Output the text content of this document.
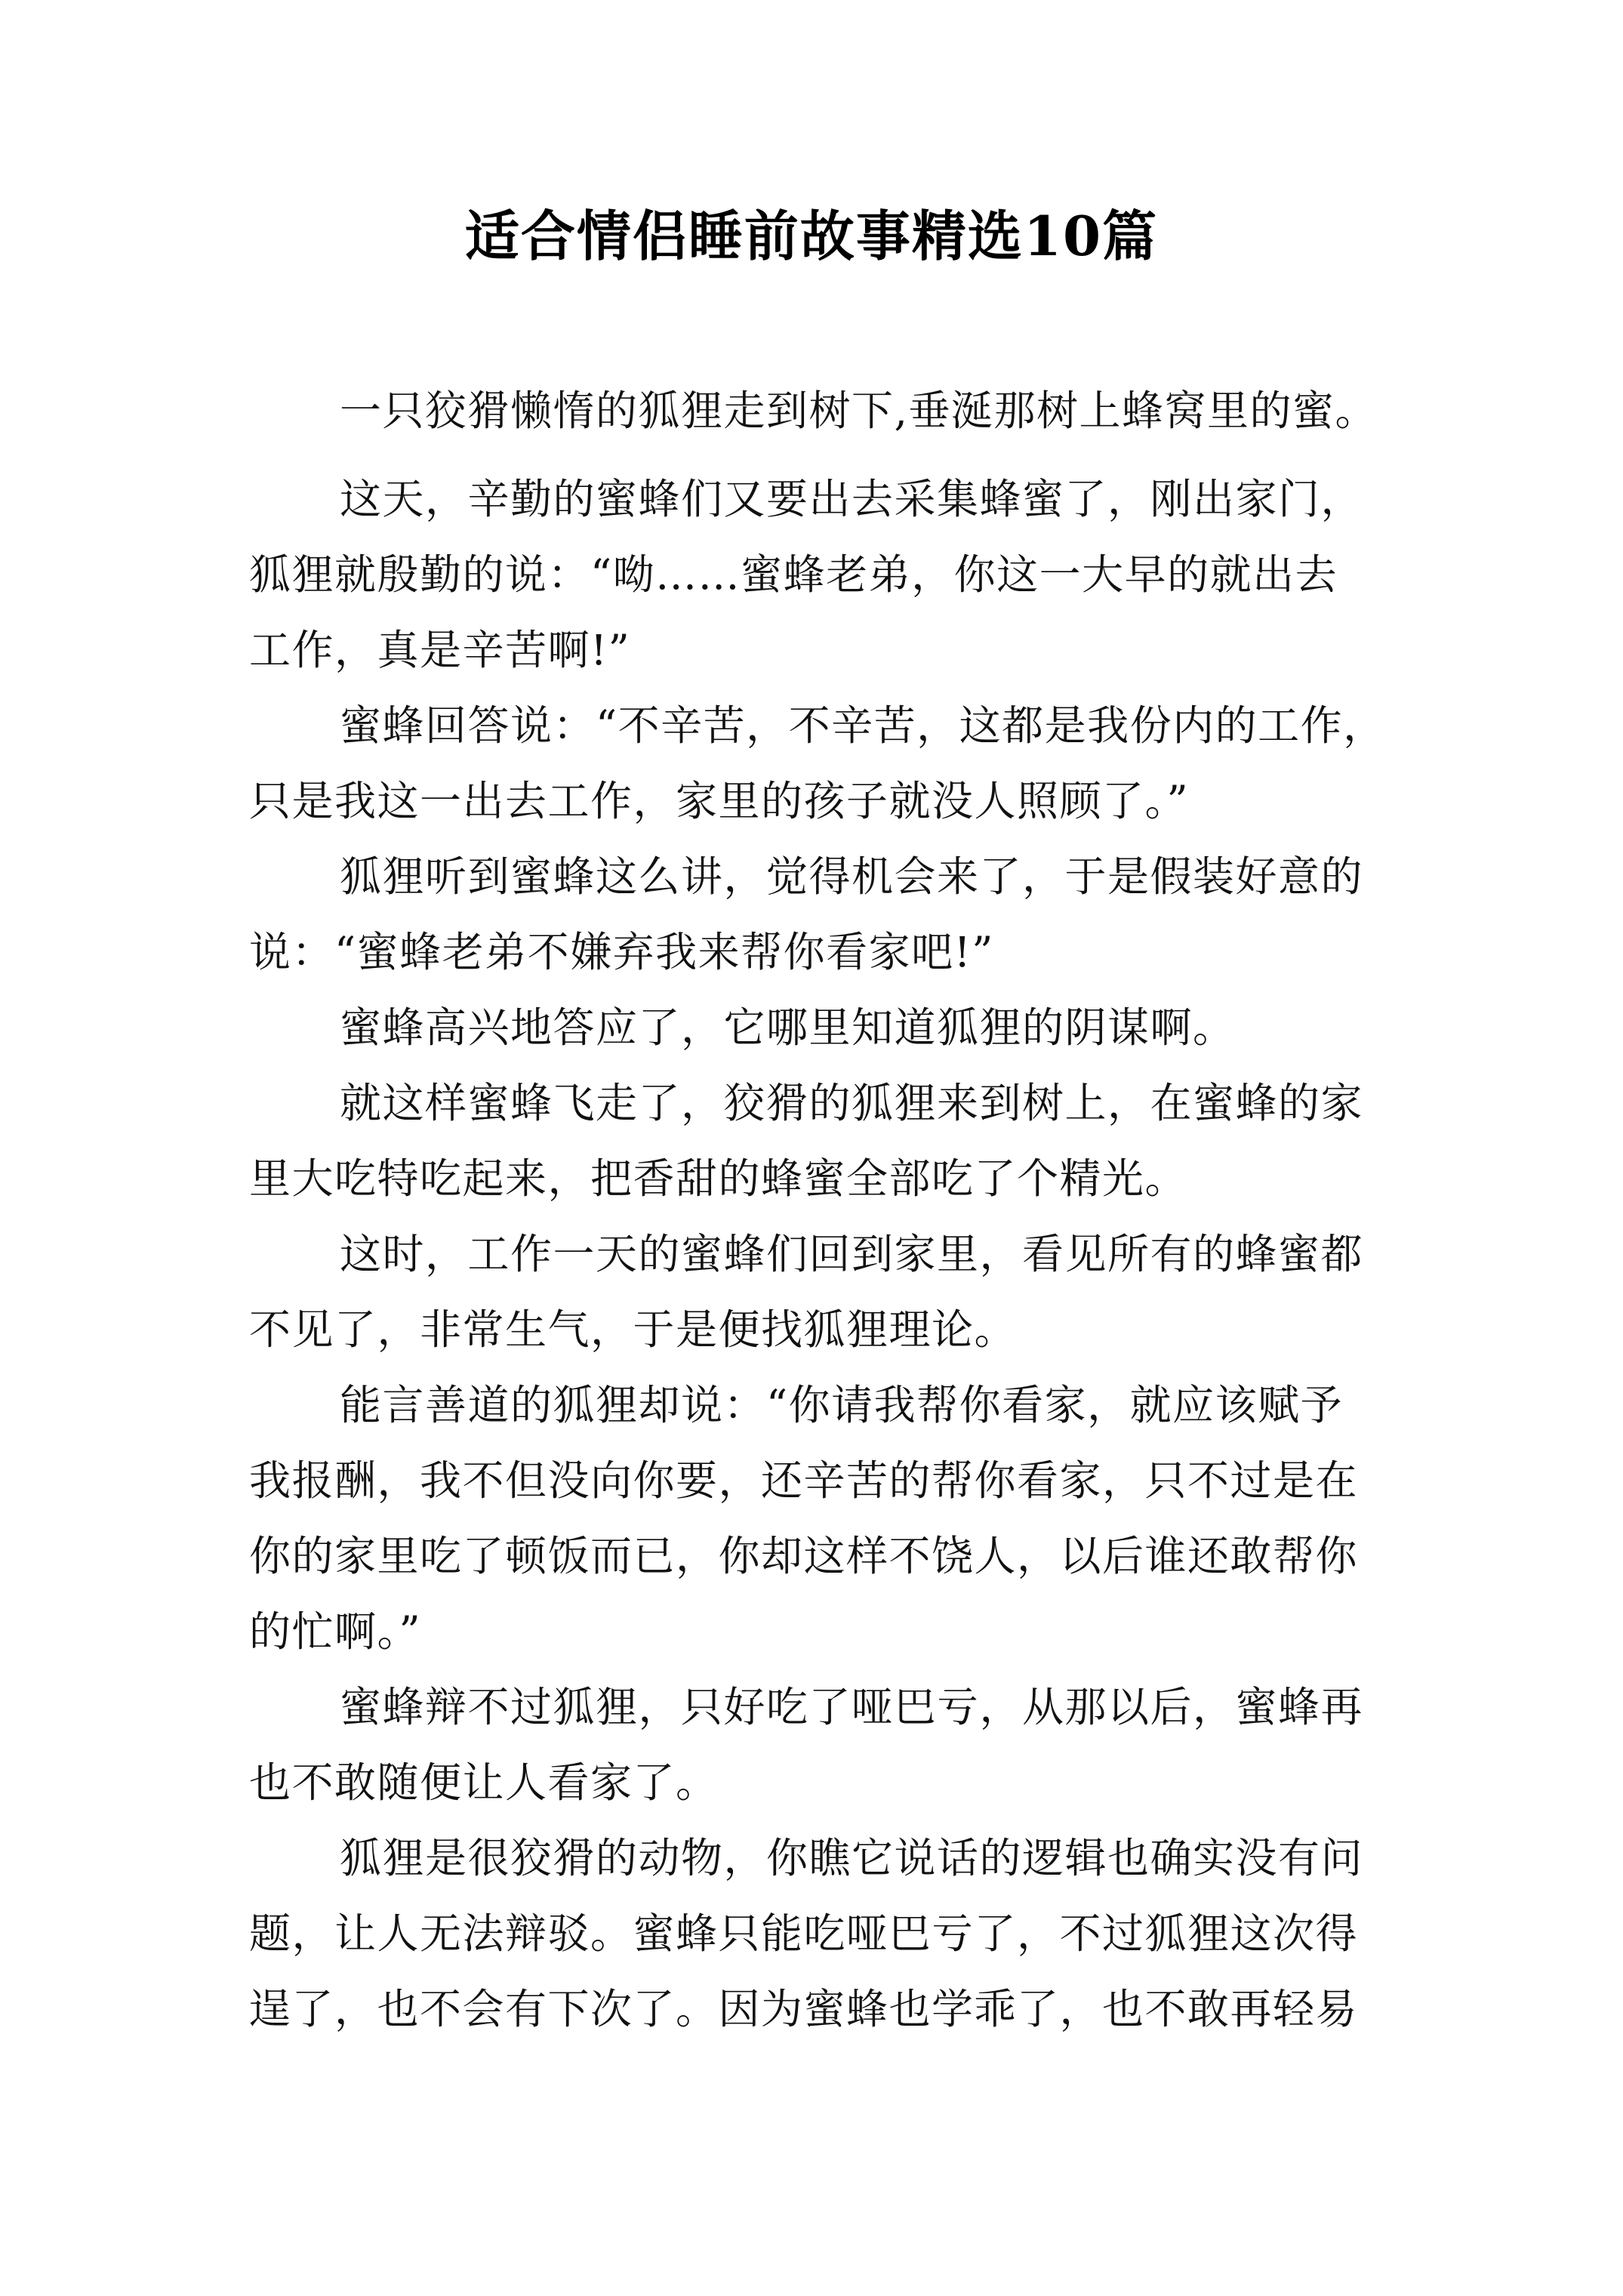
适合情侣睡前故事精选10篇
一只狡猾懒惰的狐狸走到树下,垂涎那树上蜂窝里的蜜。
这天，辛勤的蜜蜂们又要出去采集蜂蜜了，刚出家门，
狐狸就殷勤的说：“呦……蜜蜂老弟，你这一大早的就出去
工作，真是辛苦啊!”
蜜蜂回答说：“不辛苦，不辛苦，这都是我份内的工作，
只是我这一出去工作，家里的孩子就没人照顾了。”
狐狸听到蜜蜂这么讲，觉得机会来了，于是假装好意的
说：“蜜蜂老弟不嫌弃我来帮你看家吧!”
蜜蜂高兴地答应了，它哪里知道狐狸的阴谋啊。
就这样蜜蜂飞走了，狡猾的狐狸来到树上，在蜜蜂的家
里大吃特吃起来，把香甜的蜂蜜全部吃了个精光。
这时，工作一天的蜜蜂们回到家里，看见所有的蜂蜜都
不见了，非常生气，于是便找狐狸理论。
能言善道的狐狸却说：“你请我帮你看家，就应该赋予
我报酬，我不但没向你要，还辛苦的帮你看家，只不过是在
你的家里吃了顿饭而已，你却这样不饶人，以后谁还敢帮你
的忙啊。”
蜜蜂辩不过狐狸，只好吃了哑巴亏，从那以后，蜜蜂再
也不敢随便让人看家了。
狐狸是很狡猾的动物，你瞧它说话的逻辑也确实没有问
题，让人无法辩驳。蜜蜂只能吃哑巴亏了，不过狐狸这次得
逞了，也不会有下次了。因为蜜蜂也学乖了，也不敢再轻易
